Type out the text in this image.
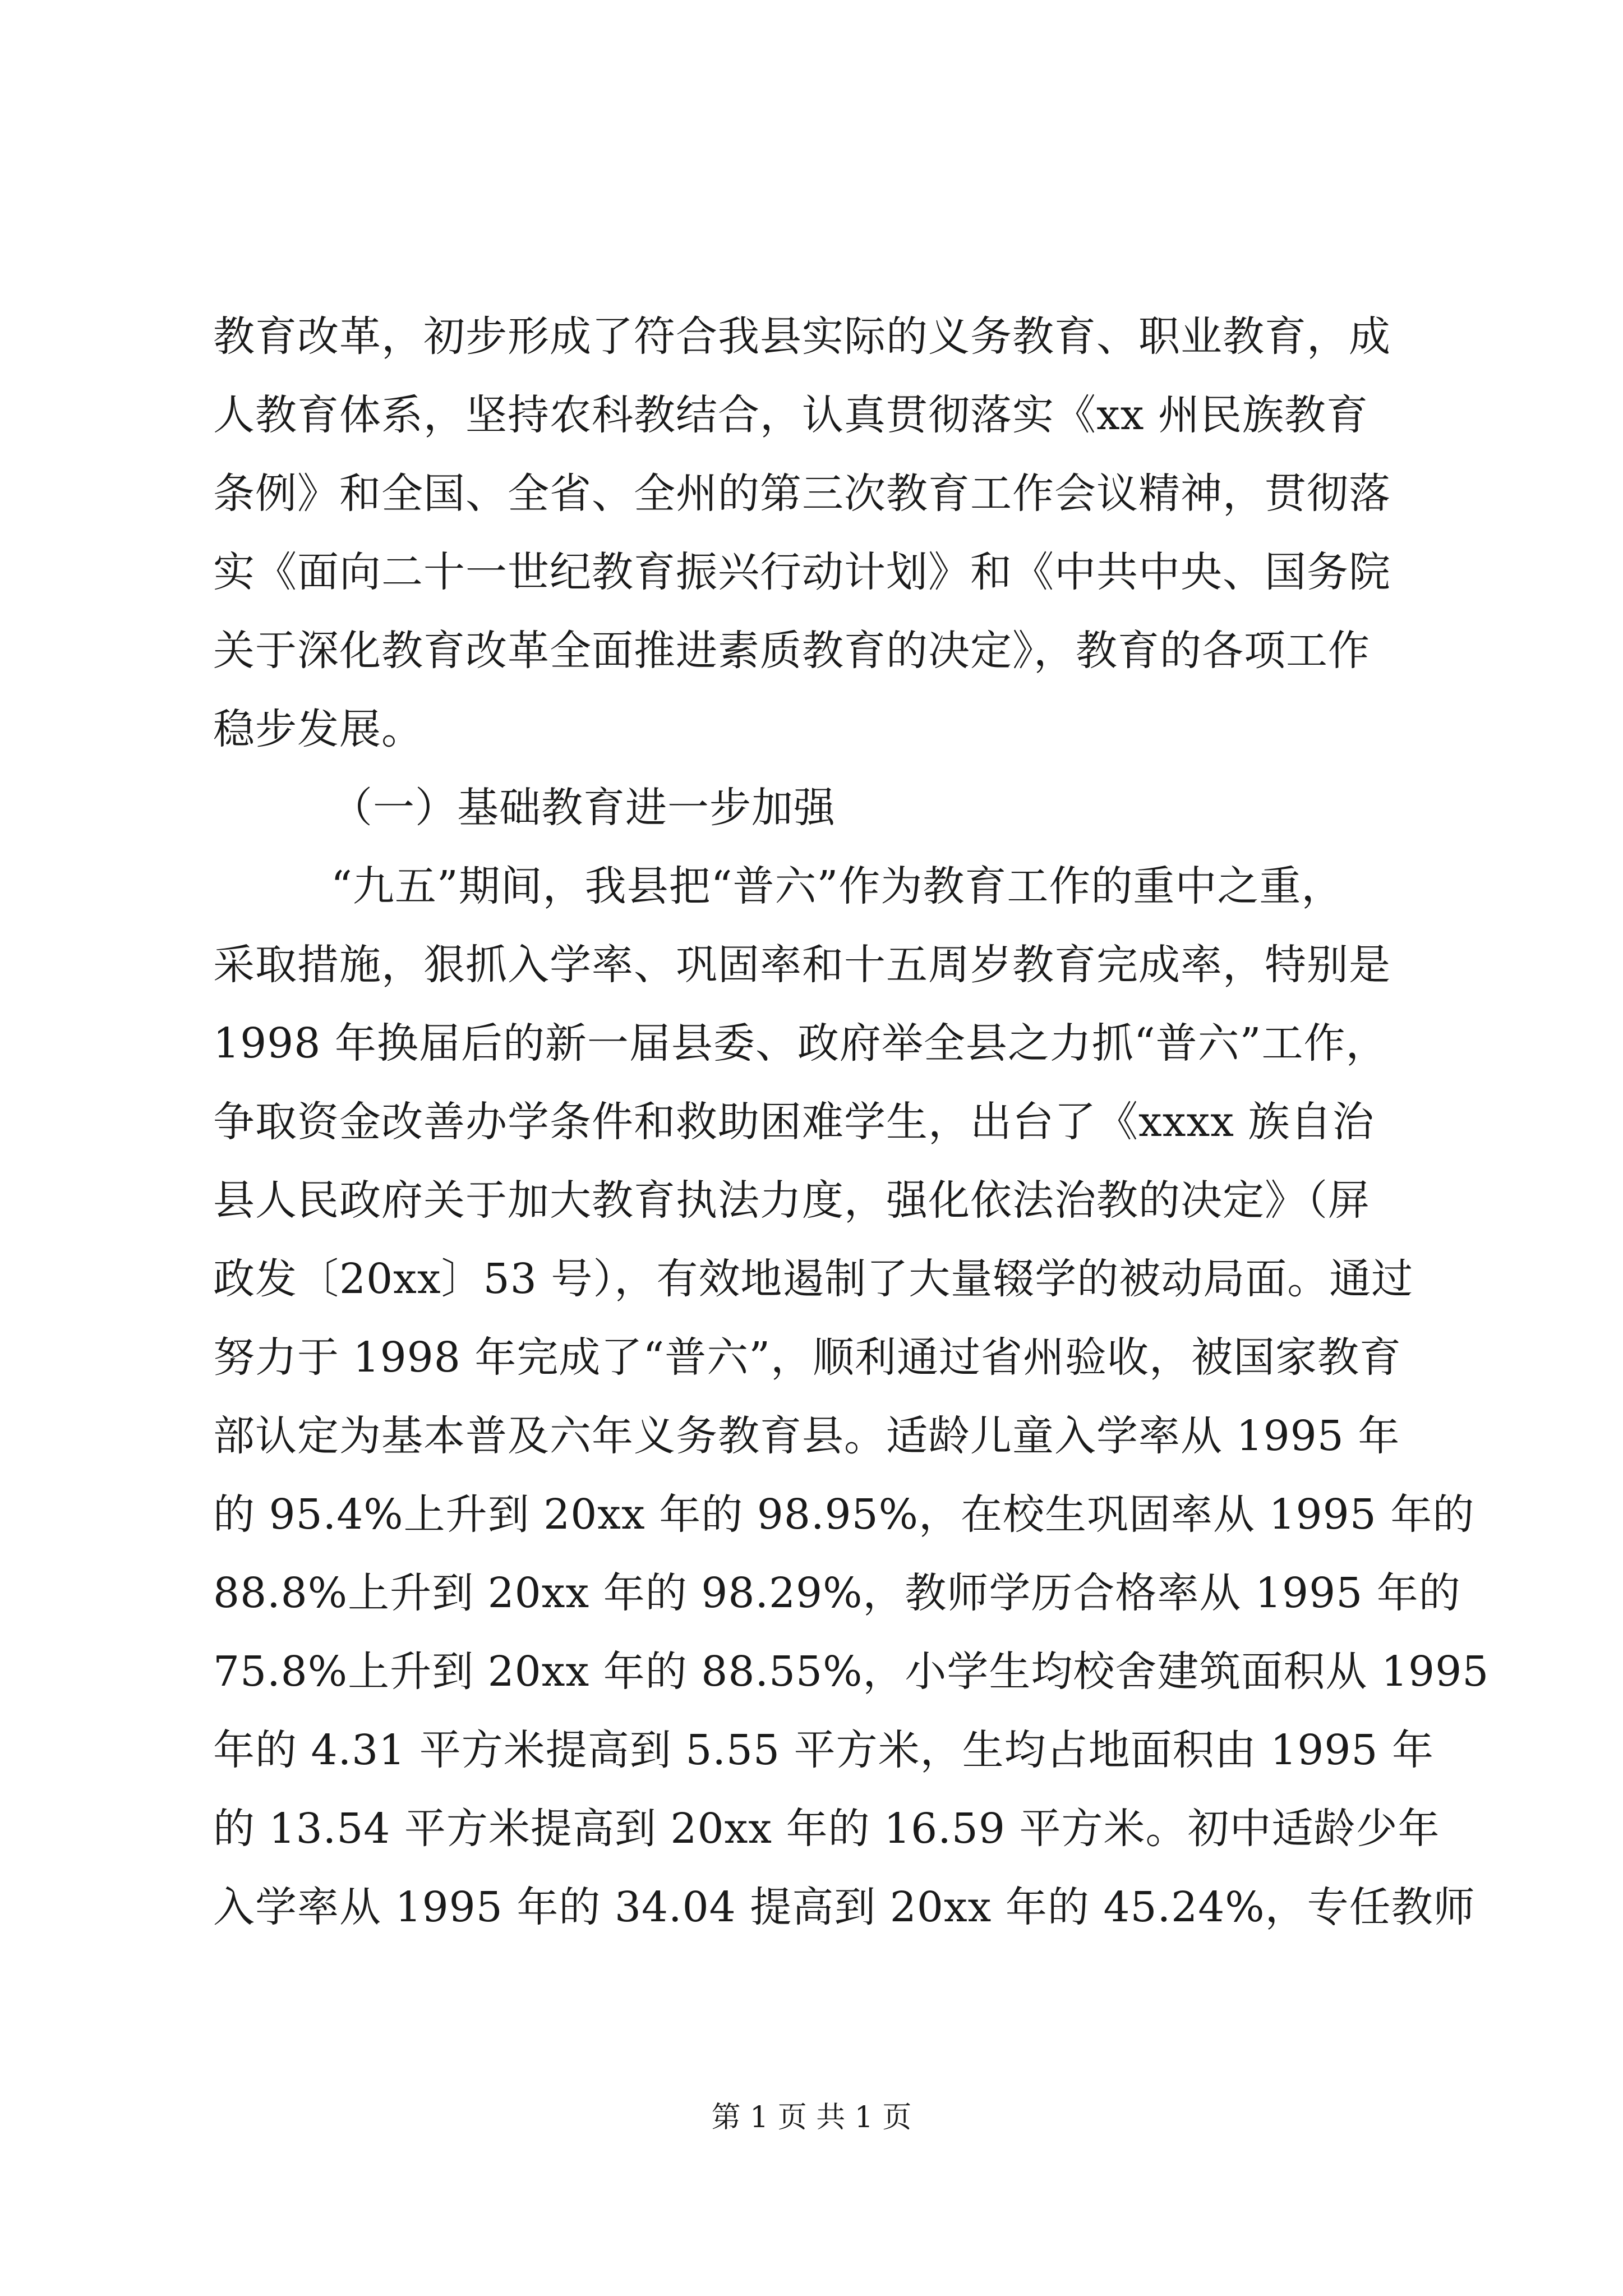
教育改革，初步形成了符合我县实际的义务教育、职业教育，成
人教育体系，坚持农科教结合，认真贯彻落实《xx 州民族教育
条例》和全国、全省、全州的第三次教育工作会议精神，贯彻落
实《面向二十一世纪教育振兴行动计划》和《中共中央、国务院
关于深化教育改革全面推进素质教育的决定》，教育的各项工作
稳步发展。
（一）基础教育进一步加强
“九五”期间，我县把“普六”作为教育工作的重中之重，
采取措施，狠抓入学率、巩固率和十五周岁教育完成率，特别是
1998 年换届后的新一届县委、政府举全县之力抓“普六”工作，
争取资金改善办学条件和救助困难学生，出台了《xxxx 族自治
县人民政府关于加大教育执法力度，强化依法治教的决定》（屏
政发〔20xx〕53 号），有效地遏制了大量辍学的被动局面。通过
努力于 1998 年完成了“普六”，顺利通过省州验收，被国家教育
部认定为基本普及六年义务教育县。适龄儿童入学率从 1995 年
的 95.4%上升到 20xx 年的 98.95%，在校生巩固率从 1995 年的
88.8%上升到 20xx 年的 98.29%，教师学历合格率从 1995 年的
75.8%上升到 20xx 年的 88.55%，小学生均校舍建筑面积从 1995
年的 4.31 平方米提高到 5.55 平方米，生均占地面积由 1995 年
的 13.54 平方米提高到 20xx 年的 16.59 平方米。初中适龄少年
入学率从 1995 年的 34.04 提高到 20xx 年的 45.24%，专任教师
第 1 页 共 1 页
